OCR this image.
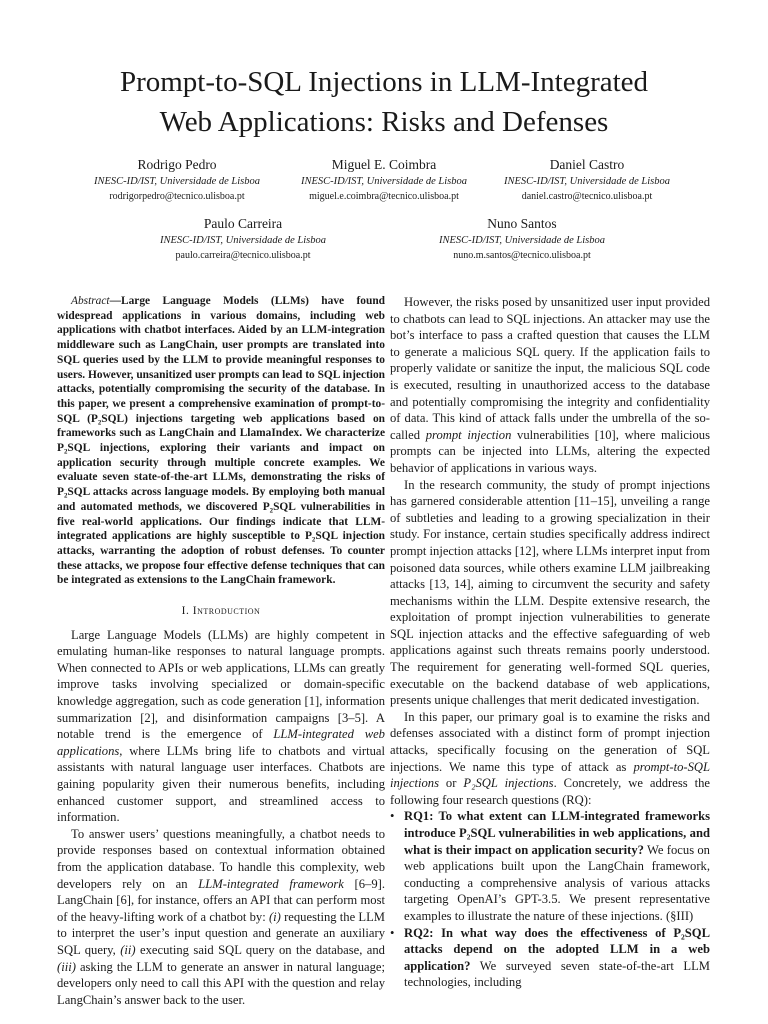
Prompt-to-SQL Injections in LLM-Integrated
Web Applications: Risks and Defenses
Rodrigo Pedro
INESC-ID/IST, Universidade de Lisboa
rodrigorpedro@tecnico.ulisboa.pt
Miguel E. Coimbra
INESC-ID/IST, Universidade de Lisboa
miguel.e.coimbra@tecnico.ulisboa.pt
Daniel Castro
INESC-ID/IST, Universidade de Lisboa
daniel.castro@tecnico.ulisboa.pt
Paulo Carreira
INESC-ID/IST, Universidade de Lisboa
paulo.carreira@tecnico.ulisboa.pt
Nuno Santos
INESC-ID/IST, Universidade de Lisboa
nuno.m.santos@tecnico.ulisboa.pt

Abstract—Large Language Models (LLMs) have found widespread applications in various domains, including web applications with chatbot interfaces. Aided by an LLM-integration middleware such as LangChain, user prompts are translated into SQL queries used by the LLM to provide meaningful responses to users. However, unsanitized user prompts can lead to SQL injection attacks, potentially compromising the security of the database. In this paper, we present a comprehensive examination of prompt-to-SQL (P₂SQL) injections targeting web applications based on frameworks such as LangChain and LlamaIndex. We characterize P₂SQL injections, exploring their variants and impact on application security through multiple concrete examples. We evaluate seven state-of-the-art LLMs, demonstrating the risks of P₂SQL attacks across language models. By employing both manual and automated methods, we discovered P₂SQL vulnerabilities in five real-world applications. Our findings indicate that LLM-integrated applications are highly susceptible to P₂SQL injection attacks, warranting the adoption of robust defenses. To counter these attacks, we propose four effective defense techniques that can be integrated as extensions to the LangChain framework.

I. Introduction

Large Language Models (LLMs) are highly competent in emulating human-like responses to natural language prompts. When connected to APIs or web applications, LLMs can greatly improve tasks involving specialized or domain-specific knowledge aggregation, such as code generation [1], information summarization [2], and disinformation campaigns [3–5]. A notable trend is the emergence of LLM-integrated web applications, where LLMs bring life to chatbots and virtual assistants with natural language user interfaces. Chatbots are gaining popularity given their numerous benefits, including enhanced customer support, and streamlined access to information.

To answer users’ questions meaningfully, a chatbot needs to provide responses based on contextual information obtained from the application database. To handle this complexity, web developers rely on an LLM-integrated framework [6–9]. LangChain [6], for instance, offers an API that can perform most of the heavy-lifting work of a chatbot by: (i) requesting the LLM to interpret the user’s input question and generate an auxiliary SQL query, (ii) executing said SQL query on the database, and (iii) asking the LLM to generate an answer in natural language; developers only need to call this API with the question and relay LangChain’s answer back to the user.

However, the risks posed by unsanitized user input provided to chatbots can lead to SQL injections. An attacker may use the bot’s interface to pass a crafted question that causes the LLM to generate a malicious SQL query. If the application fails to properly validate or sanitize the input, the malicious SQL code is executed, resulting in unauthorized access to the database and potentially compromising the integrity and confidentiality of data. This kind of attack falls under the umbrella of the so-called prompt injection vulnerabilities [10], where malicious prompts can be injected into LLMs, altering the expected behavior of applications in various ways.

In the research community, the study of prompt injections has garnered considerable attention [11–15], unveiling a range of subtleties and leading to a growing specialization in their study. For instance, certain studies specifically address indirect prompt injection attacks [12], where LLMs interpret input from poisoned data sources, while others examine LLM jailbreaking attacks [13, 14], aiming to circumvent the security and safety mechanisms within the LLM. Despite extensive research, the exploitation of prompt injection vulnerabilities to generate SQL injection attacks and the effective safeguarding of web applications against such threats remains poorly understood. The requirement for generating well-formed SQL queries, executable on the backend database of web applications, presents unique challenges that merit dedicated investigation.

In this paper, our primary goal is to examine the risks and defenses associated with a distinct form of prompt injection attacks, specifically focusing on the generation of SQL injections. We name this type of attack as prompt-to-SQL injections or P₂SQL injections. Concretely, we address the following four research questions (RQ):

• RQ1: To what extent can LLM-integrated frameworks introduce P₂SQL vulnerabilities in web applications, and what is their impact on application security? We focus on web applications built upon the LangChain framework, conducting a comprehensive analysis of various attacks targeting OpenAI’s GPT-3.5. We present representative examples to illustrate the nature of these injections. (§III)
• RQ2: In what way does the effectiveness of P₂SQL attacks depend on the adopted LLM in a web application? We surveyed seven state-of-the-art LLM technologies, including
